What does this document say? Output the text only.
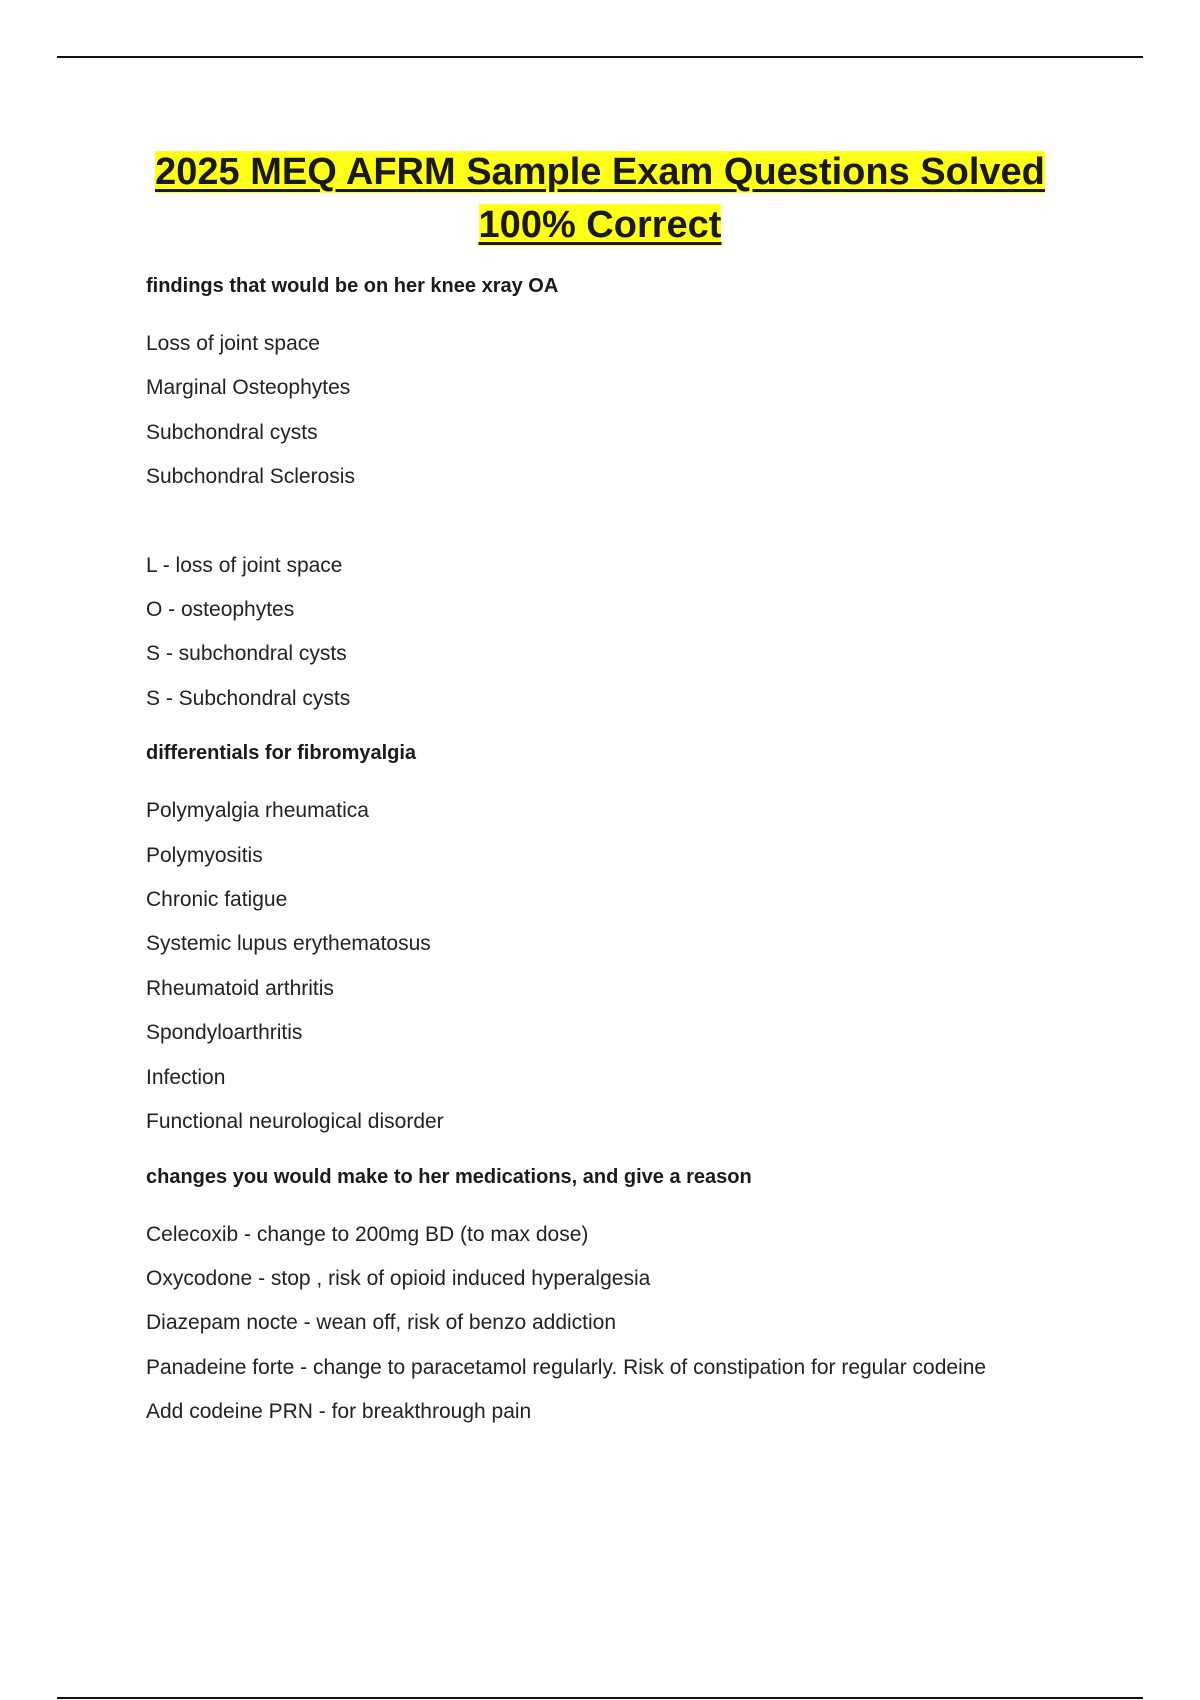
2025 MEQ AFRM Sample Exam Questions Solved
100% Correct

findings that would be on her knee xray OA

Loss of joint space

Marginal Osteophytes

Subchondral cysts

Subchondral Sclerosis

L - loss of joint space

O - osteophytes

S - subchondral cysts

S - Subchondral cysts

differentials for fibromyalgia

Polymyalgia rheumatica

Polymyositis

Chronic fatigue

Systemic lupus erythematosus

Rheumatoid arthritis

Spondyloarthritis

Infection

Functional neurological disorder

changes you would make to her medications, and give a reason

Celecoxib - change to 200mg BD (to max dose)

Oxycodone - stop , risk of opioid induced hyperalgesia

Diazepam nocte - wean off, risk of benzo addiction

Panadeine forte - change to paracetamol regularly. Risk of constipation for regular codeine

Add codeine PRN - for breakthrough pain
